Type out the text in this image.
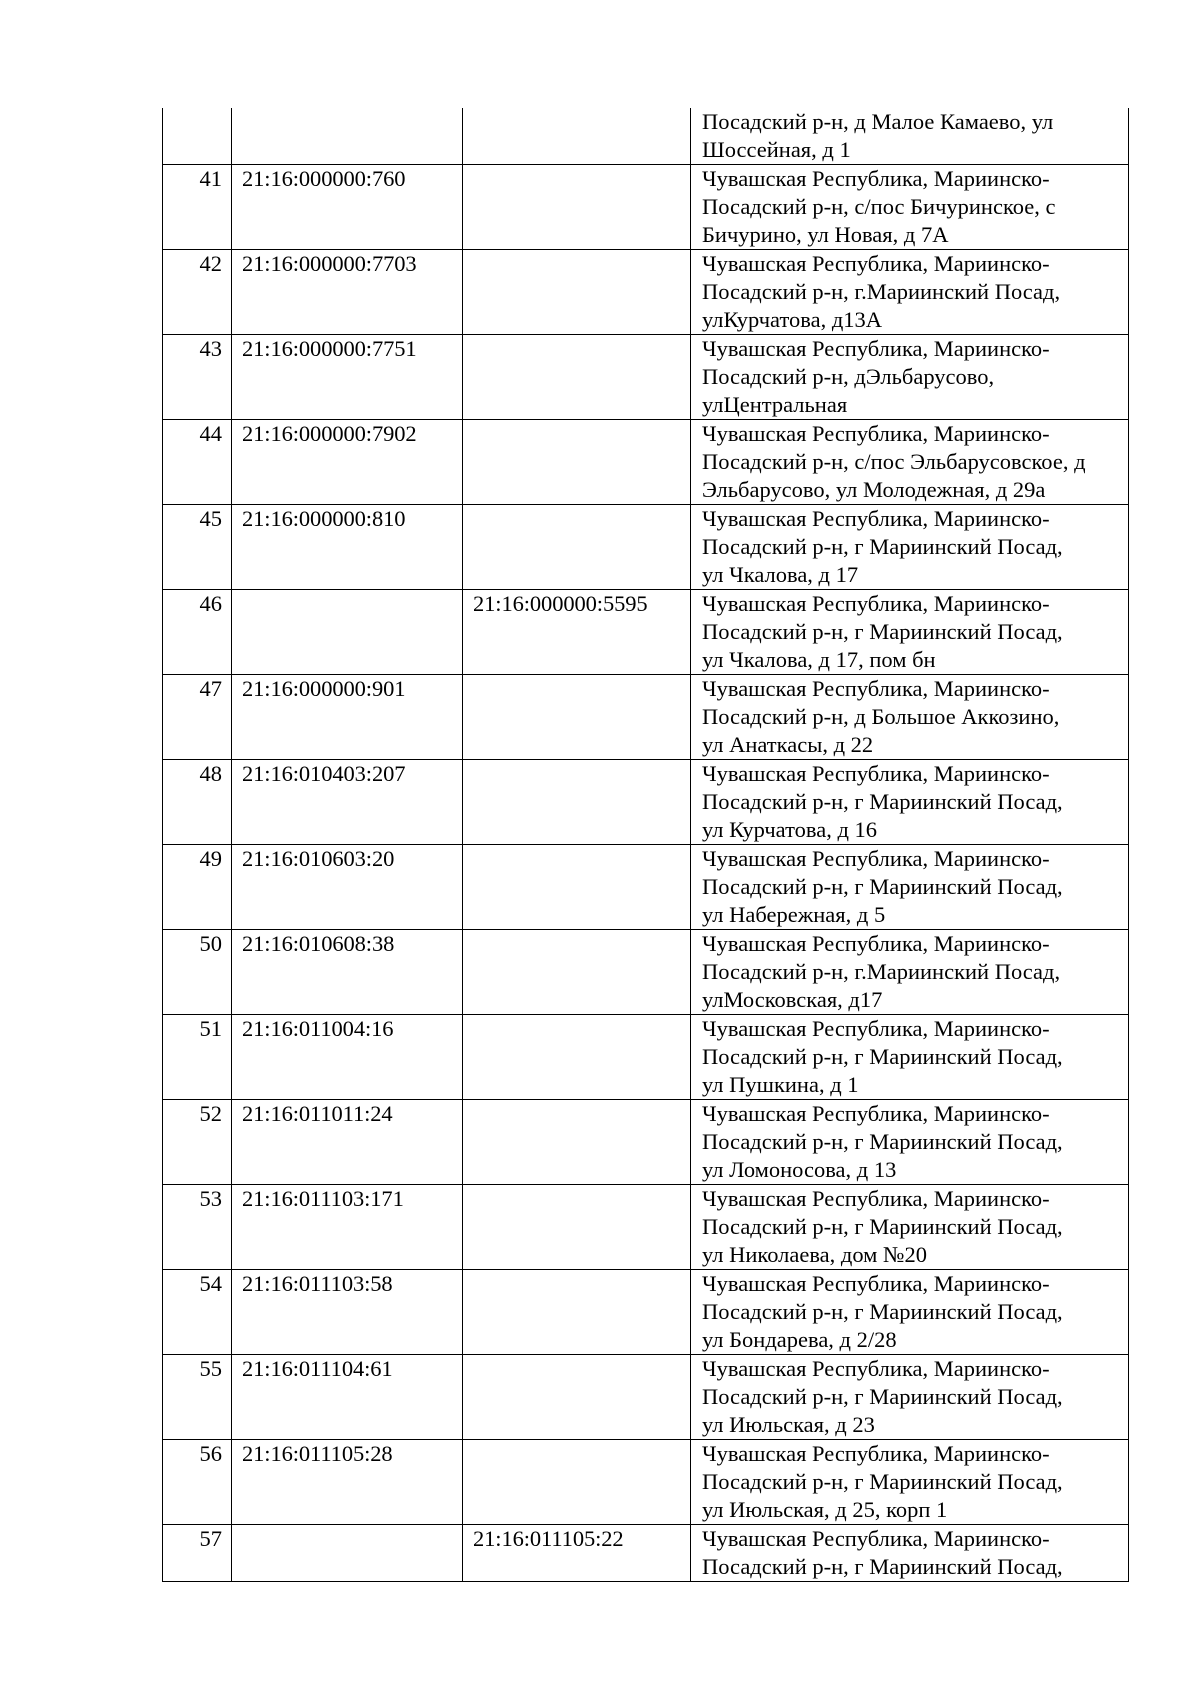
			Посадский р-н, д Малое Камаево, ул
Шоссейная, д 1

41	21:16:000000:760		Чувашская Республика, Мариинско-
Посадский р-н, с/пос Бичуринское, с
Бичурино, ул Новая, д 7А

42	21:16:000000:7703		Чувашская Республика, Мариинско-
Посадский р-н, г.Мариинский Посад,
улКурчатова, д13А

43	21:16:000000:7751		Чувашская Республика, Мариинско-
Посадский р-н, дЭльбарусово,
улЦентральная

44	21:16:000000:7902		Чувашская Республика, Мариинско-
Посадский р-н, с/пос Эльбарусовское, д
Эльбарусово, ул Молодежная, д 29а

45	21:16:000000:810		Чувашская Республика, Мариинско-
Посадский р-н, г Мариинский Посад,
ул Чкалова, д 17

46		21:16:000000:5595	Чувашская Республика, Мариинско-
Посадский р-н, г Мариинский Посад,
ул Чкалова, д 17, пом бн

47	21:16:000000:901		Чувашская Республика, Мариинско-
Посадский р-н, д Большое Аккозино,
ул Анаткасы, д 22

48	21:16:010403:207		Чувашская Республика, Мариинско-
Посадский р-н, г Мариинский Посад,
ул Курчатова, д 16

49	21:16:010603:20		Чувашская Республика, Мариинско-
Посадский р-н, г Мариинский Посад,
ул Набережная, д 5

50	21:16:010608:38		Чувашская Республика, Мариинско-
Посадский р-н, г.Мариинский Посад,
улМосковская, д17

51	21:16:011004:16		Чувашская Республика, Мариинско-
Посадский р-н, г Мариинский Посад,
ул Пушкина, д 1

52	21:16:011011:24		Чувашская Республика, Мариинско-
Посадский р-н, г Мариинский Посад,
ул Ломоносова, д 13

53	21:16:011103:171		Чувашская Республика, Мариинско-
Посадский р-н, г Мариинский Посад,
ул Николаева, дом №20

54	21:16:011103:58		Чувашская Республика, Мариинско-
Посадский р-н, г Мариинский Посад,
ул Бондарева, д 2/28

55	21:16:011104:61		Чувашская Республика, Мариинско-
Посадский р-н, г Мариинский Посад,
ул Июльская, д 23

56	21:16:011105:28		Чувашская Республика, Мариинско-
Посадский р-н, г Мариинский Посад,
ул Июльская, д 25, корп 1

57		21:16:011105:22	Чувашская Республика, Мариинско-
Посадский р-н, г Мариинский Посад,
